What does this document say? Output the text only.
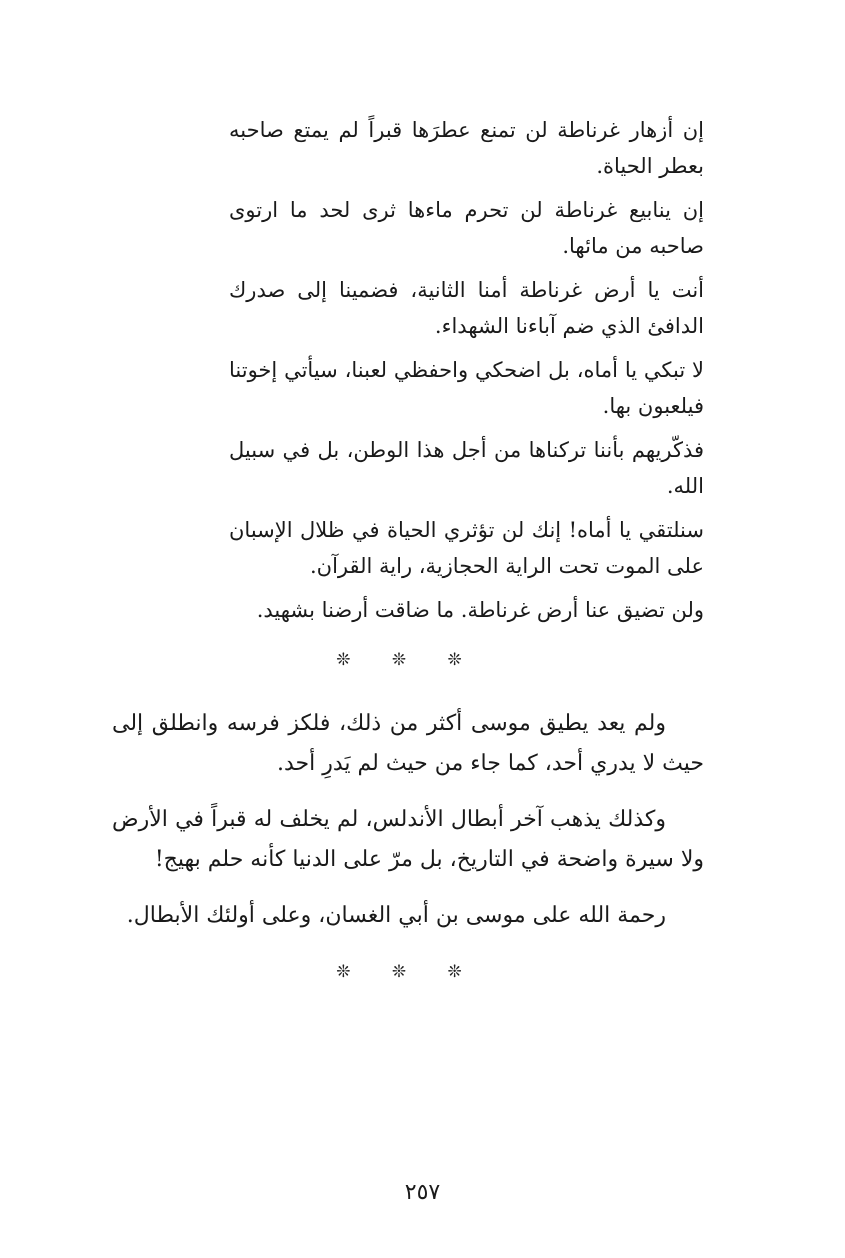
إن أزهار غرناطة لن تمنع عطرَها قبراً لم يمتع صاحبه بعطر الحياة.

إن ينابيع غرناطة لن تحرم ماءها ثرى لحد ما ارتوى صاحبه من مائها.

أنت يا أرض غرناطة أمنا الثانية، فضمينا إلى صدرك الدافئ الذي ضم آباءنا الشهداء.

لا تبكي يا أماه، بل اضحكي واحفظي لعبنا، سيأتي إخوتنا فيلعبون بها.

فذكّريهم بأننا تركناها من أجل هذا الوطن، بل في سبيل الله.

سنلتقي يا أماه! إنك لن تؤثري الحياة في ظلال الإسبان على الموت تحت الراية الحجازية، راية القرآن.

ولن تضيق عنا أرض غرناطة. ما ضاقت أرضنا بشهيد.

❊ ❊ ❊

ولم يعد يطيق موسى أكثر من ذلك، فلكز فرسه وانطلق إلى حيث لا يدري أحد، كما جاء من حيث لم يَدرِ أحد.

وكذلك يذهب آخر أبطال الأندلس، لم يخلف له قبراً في الأرض ولا سيرة واضحة في التاريخ، بل مرّ على الدنيا كأنه حلم بهيج!

رحمة الله على موسى بن أبي الغسان، وعلى أولئك الأبطال.

❊ ❊ ❊
٢٥٧
